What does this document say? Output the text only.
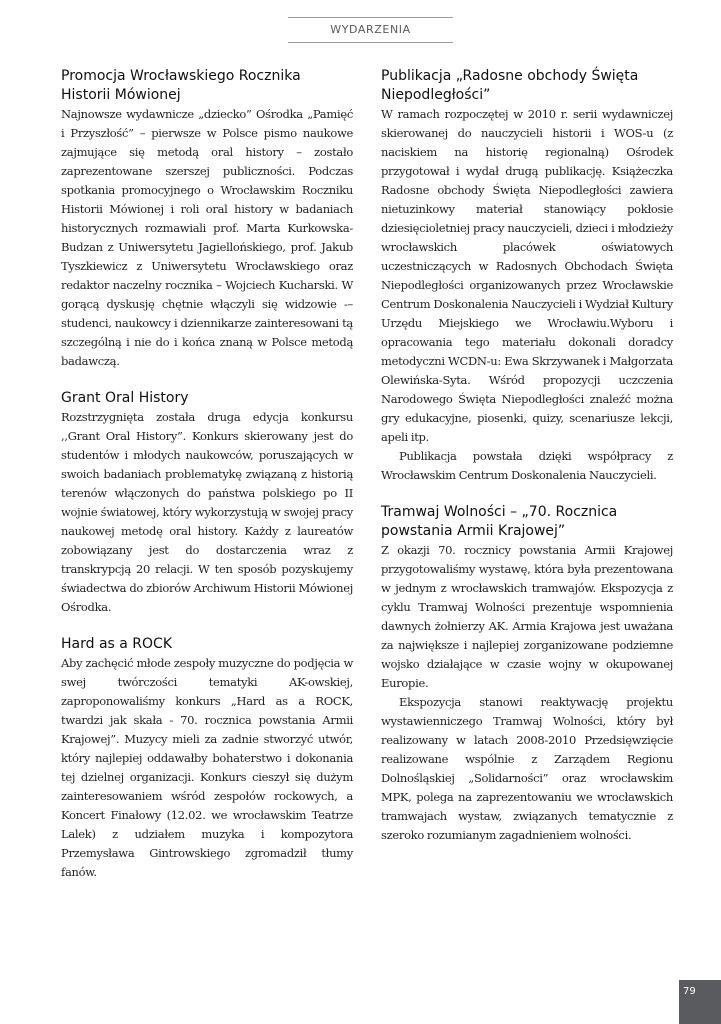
WYDARZENIA
Promocja Wrocławskiego Rocznika Historii Mówionej

Najnowsze wydawnicze „dziecko” Ośrodka „Pamięć i Przyszłość” – pierwsze w Polsce pismo naukowe zajmujące się metodą oral history – zostało zaprezentowane szerszej publiczności. Podczas spotkania promocyjnego o Wrocławskim Roczniku Historii Mówionej i roli oral history w badaniach historycznych rozmawiali prof. Marta Kurkowska-Budzan z Uniwersytetu Jagiellońskiego, prof. Jakub Tyszkiewicz z Uniwersytetu Wrocławskiego oraz redaktor naczelny rocznika – Wojciech Kucharski. W gorącą dyskusję chętnie włączyli się widzowie -– studenci, naukowcy i dziennikarze zainteresowani tą szczególną i nie do i końca znaną w Polsce metodą badawczą.

Grant Oral History

Rozstrzygnięta została druga edycja konkursu ,,Grant Oral History”. Konkurs skierowany jest do studentów i młodych naukowców, poruszających w swoich badaniach problematykę związaną z historią terenów włączonych do państwa polskiego po II wojnie światowej, który wykorzystują w swojej pracy naukowej metodę oral history. Każdy z laureatów zobowiązany jest do dostarczenia wraz z transkrypcją 20 relacji. W ten sposób pozyskujemy świadectwa do zbiorów Archiwum Historii Mówionej Ośrodka.

Hard as a ROCK

Aby zachęcić młode zespoły muzyczne do podjęcia w swej twórczości tematyki AK-owskiej, zaproponowaliśmy konkurs „Hard as a ROCK, twardzi jak skała - 70. rocznica powstania Armii Krajowej”. Muzycy mieli za zadnie stworzyć utwór, który najlepiej oddawałby bohaterstwo i dokonania tej dzielnej organizacji. Konkurs cieszył się dużym zainteresowaniem wśród zespołów rockowych, a Koncert Finałowy (12.02. we wrocławskim Teatrze Lalek) z udziałem muzyka i kompozytora Przemysława Gintrowskiego zgromadził tłumy fanów.

Publikacja „Radosne obchody Święta Niepodległości”

W ramach rozpoczętej w 2010 r. serii wydawniczej skierowanej do nauczycieli historii i WOS-u (z naciskiem na historię regionalną) Ośrodek przygotował i wydał drugą publikację. Książeczka Radosne obchody Święta Niepodległości zawiera nietuzinkowy materiał stanowiący pokłosie dziesięcioletniej pracy nauczycieli, dzieci i młodzieży wrocławskich placówek oświatowych uczestniczących w Radosnych Obchodach Święta Niepodległości organizowanych przez Wrocławskie Centrum Doskonalenia Nauczycieli i Wydział Kultury Urzędu Miejskiego we Wrocławiu.Wyboru i opracowania tego materiału dokonali doradcy metodyczni WCDN-u: Ewa Skrzywanek i Małgorzata Olewińska-Syta. Wśród propozycji uczczenia Narodowego Święta Niepodległości znaleźć można gry edukacyjne, piosenki, quizy, scenariusze lekcji, apeli itp.

Publikacja powstała dzięki współpracy z Wrocławskim Centrum Doskonalenia Nauczycieli.

Tramwaj Wolności – „70. Rocznica powstania Armii Krajowej”

Z okazji 70. rocznicy powstania Armii Krajowej przygotowaliśmy wystawę, która była prezentowana w jednym z wrocławskich tramwajów. Ekspozycja z cyklu Tramwaj Wolności prezentuje wspomnienia dawnych żołnierzy AK. Armia Krajowa jest uważana za największe i najlepiej zorganizowane podziemne wojsko działające w czasie wojny w okupowanej Europie.

Ekspozycja stanowi reaktywację projektu wystawienniczego Tramwaj Wolności, który był realizowany w latach 2008-2010 Przedsięwzięcie realizowane wspólnie z Zarządem Regionu Dolnośląskiej „Solidarności” oraz wrocławskim MPK, polega na zaprezentowaniu we wrocławskich tramwajach wystaw, związanych tematycznie z szeroko rozumianym zagadnieniem wolności.

79
